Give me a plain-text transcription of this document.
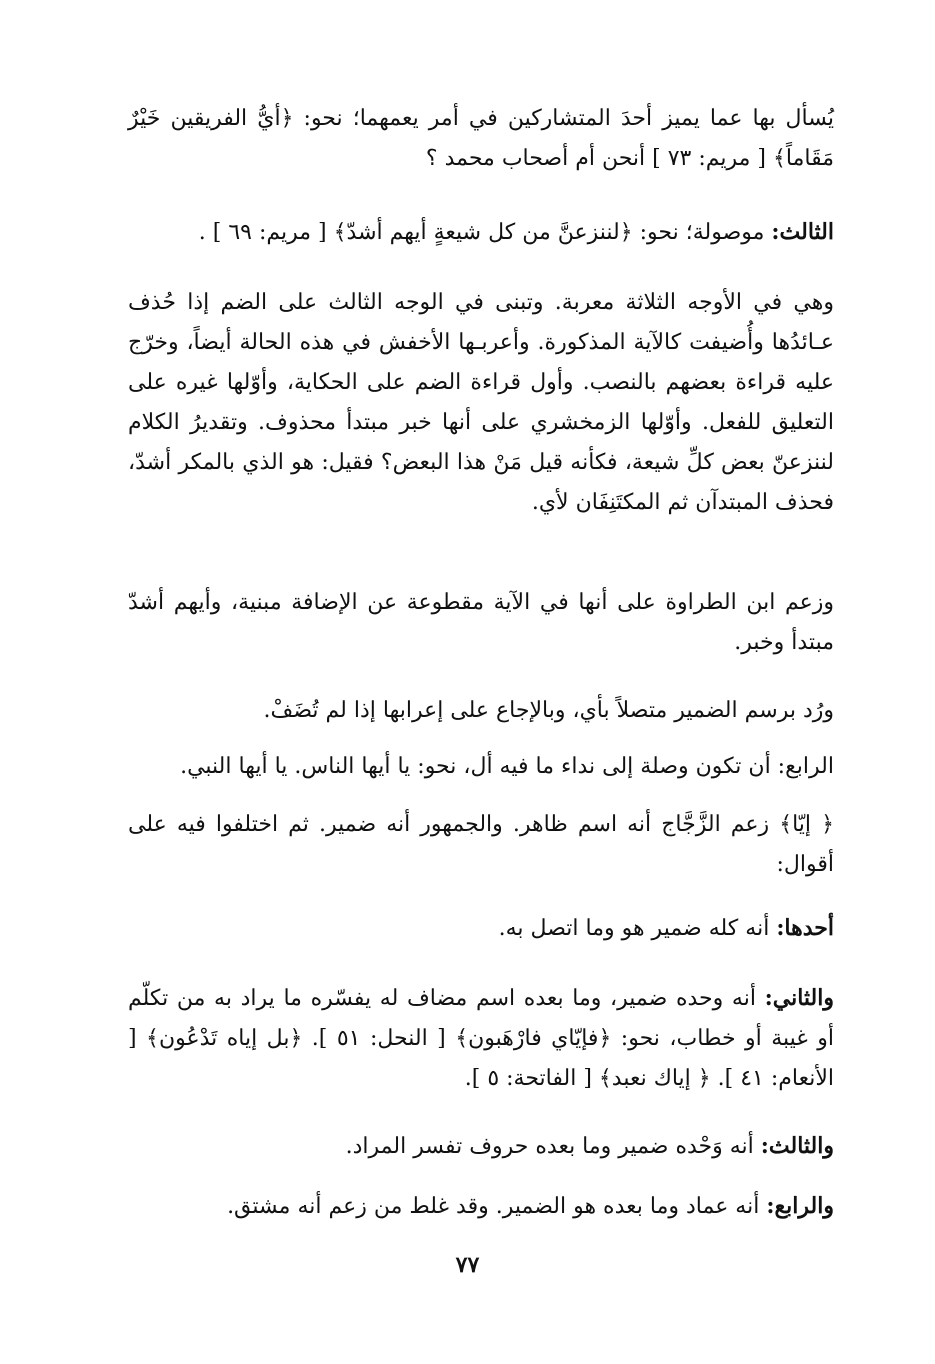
يُسأل بها عما يميز أحدَ المتشاركين في أمر يعمهما؛ نحو: ﴿أيُّ الفريقين خَيْرٌ مَقَاماً﴾ [ مريم: ٧٣ ] أنحن أم أصحاب محمد ؟

الثالث: موصولة؛ نحو: ﴿لننزعنَّ من كل شيعةٍ أيهم أشدّ﴾ [ مريم: ٦٩ ] .

وهي في الأوجه الثلاثة معربة. وتبنى في الوجه الثالث على الضم إذا حُذف عـائدُها وأُضيفت كالآية المذكورة. وأعربـها الأخفش في هذه الحالة أيضاً، وخرّج عليه قراءة بعضهم بالنصب. وأول قراءة الضم على الحكاية، وأوّلها غيره على التعليق للفعل. وأوّلها الزمخشري على أنها خبر مبتدأ محذوف. وتقديرُ الكلام لننزعنّ بعض كلِّ شيعة، فكأنه قيل مَنْ هذا البعض؟ فقيل: هو الذي بالمكر أشدّ، فحذف المبتدآن ثم المكتَنِفَان لأي.

وزعم ابن الطراوة على أنها في الآية مقطوعة عن الإضافة مبنية، وأيهم أشدّ مبتدأ وخبر.

ورُد برسم الضمير متصلاً بأي، وبالإجاع على إعرابها إذا لم تُضَفْ.

الرابع: أن تكون وصلة إلى نداء ما فيه أل، نحو: يا أيها الناس. يا أيها النبي.

﴿ إيّا﴾ زعم الزَّجَّاج أنه اسم ظاهر. والجمهور أنه ضمير. ثم اختلفوا فيه على أقوال:

أحدها: أنه كله ضمير هو وما اتصل به.

والثاني: أنه وحده ضمير، وما بعده اسم مضاف له يفسّره ما يراد به من تكلّم أو غيبة أو خطاب، نحو: ﴿فإيّاي فارْهَبون﴾ [ النحل: ٥١ ]. ﴿بل إياه تَدْعُون﴾ [ الأنعام: ٤١ ]. ﴿ إياك نعبد﴾ [ الفاتحة: ٥ ].

والثالث: أنه وَحْده ضمير وما بعده حروف تفسر المراد.

والرابع: أنه عماد وما بعده هو الضمير. وقد غلط من زعم أنه مشتق.

٧٧
